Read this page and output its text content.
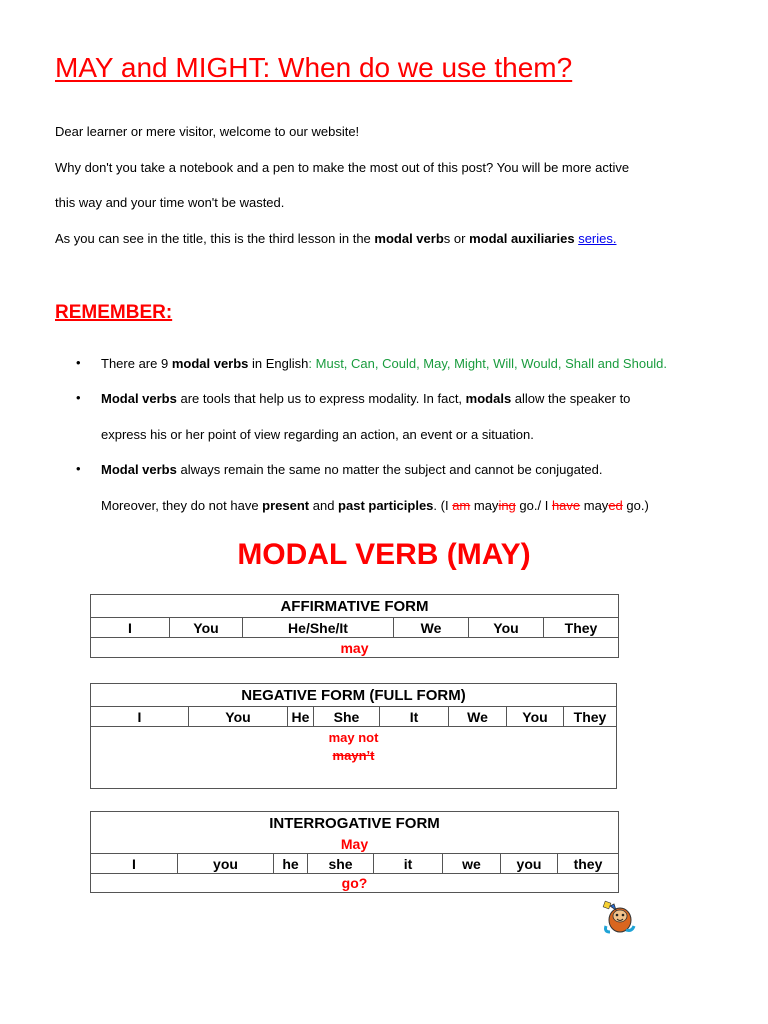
MAY and MIGHT: When do we use them?
Dear learner or mere visitor, welcome to our website!
Why don't you take a notebook and a pen to make the most out of this post? You will be more active
this way and your time won't be wasted.
As you can see in the title, this is the third lesson in the modal verbs or modal auxiliaries series.
REMEMBER:
• There are 9 modal verbs in English: Must, Can, Could, May, Might, Will, Would, Shall and Should.
• Modal verbs are tools that help us to express modality. In fact, modals allow the speaker to
express his or her point of view regarding an action, an event or a situation.
• Modal verbs always remain the same no matter the subject and cannot be conjugated.
Moreover, they do not have present and past participles. (I am maying go./ I have mayed go.)
MODAL VERB (MAY)
AFFIRMATIVE FORM
I	You	He/She/It	We	You	They
may
NEGATIVE FORM (FULL FORM)
I	You	He	She	It	We	You	They
may not
mayn’t
INTERROGATIVE FORM
May
I	you	he	she	it	we	you	they
go?
